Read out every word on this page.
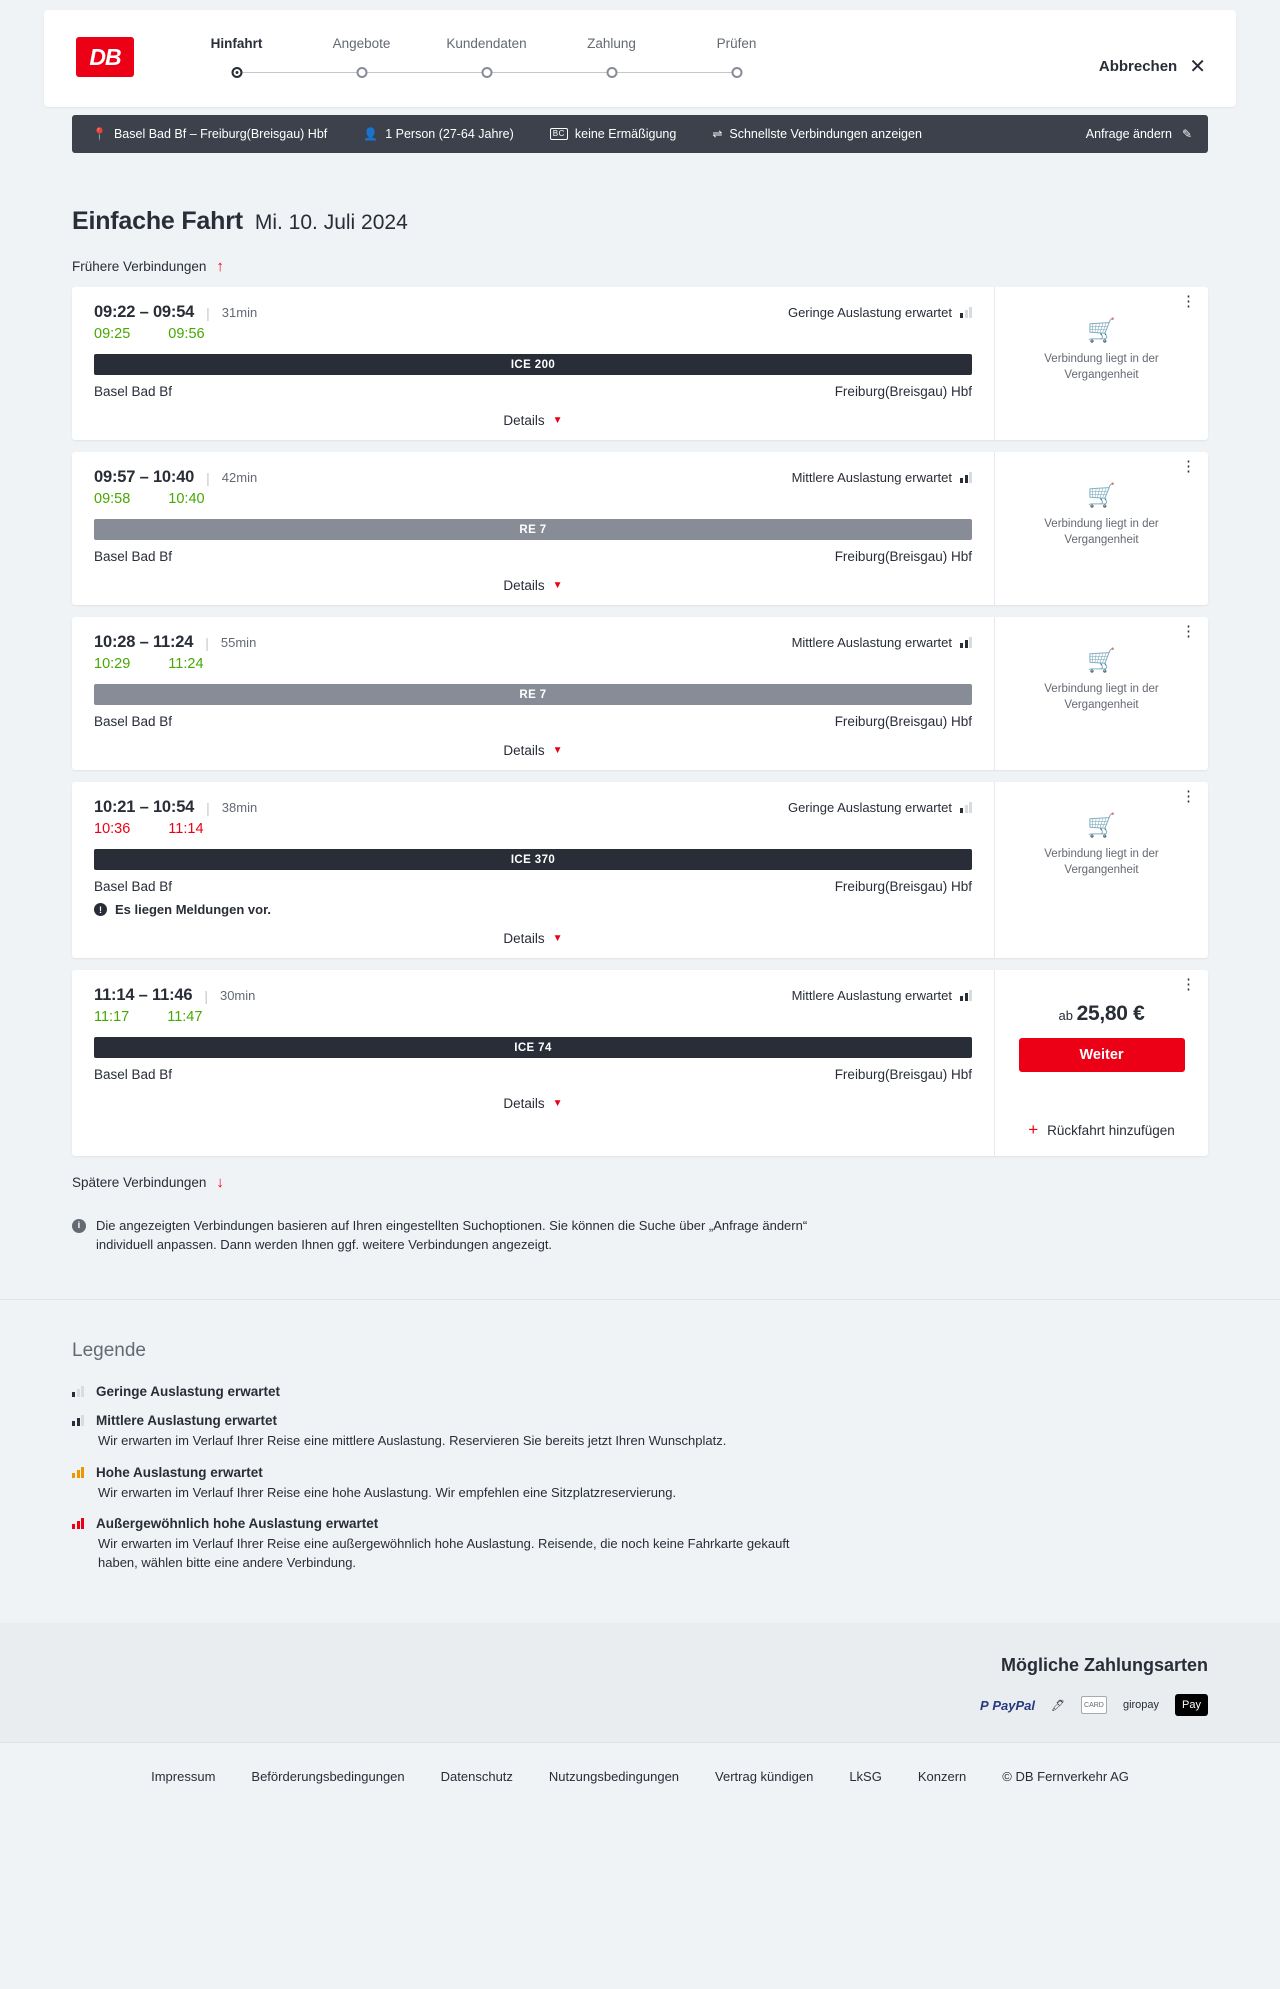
DB	Hinfahrt	Angebote	Kundendaten	Zahlung	Prüfen
Abbrechen ✕
📍 Basel Bad Bf – Freiburg(Breisgau) Hbf	👤 1 Person (27-64 Jahre)	BC keine Ermäßigung	⇌ Schnellste Verbindungen anzeigen	Anfrage ändern ✎
Einfache Fahrt Mi. 10. Juli 2024
Frühere Verbindungen ↑
09:22 – 09:54 | 31min	Geringe Auslastung erwartet
09:25	09:56
ICE 200
Basel Bad Bf	Freiburg(Breisgau) Hbf
Details ▼
⋮
🛒
Verbindung liegt in der Vergangenheit
09:57 – 10:40 | 42min	Mittlere Auslastung erwartet
09:58	10:40
RE 7
Basel Bad Bf	Freiburg(Breisgau) Hbf
Details ▼
⋮
🛒
Verbindung liegt in der Vergangenheit
10:28 – 11:24 | 55min	Mittlere Auslastung erwartet
10:29	11:24
RE 7
Basel Bad Bf	Freiburg(Breisgau) Hbf
Details ▼
⋮
🛒
Verbindung liegt in der Vergangenheit
10:21 – 10:54 | 38min	Geringe Auslastung erwartet
10:36	11:14
ICE 370
Basel Bad Bf	Freiburg(Breisgau) Hbf
!	Es liegen Meldungen vor.
Details ▼
⋮
🛒
Verbindung liegt in der Vergangenheit
11:14 – 11:46 | 30min	Mittlere Auslastung erwartet
11:17	11:47
ICE 74
Basel Bad Bf	Freiburg(Breisgau) Hbf
Details ▼
⋮
ab 25,80 €
Weiter
+ Rückfahrt hinzufügen
Spätere Verbindungen ↓
i	Die angezeigten Verbindungen basieren auf Ihren eingestellten Suchoptionen. Sie können die Suche über „Anfrage ändern“ individuell anpassen. Dann werden Ihnen ggf. weitere Verbindungen angezeigt.
Legende
Geringe Auslastung erwartet
Mittlere Auslastung erwartet
Wir erwarten im Verlauf Ihrer Reise eine mittlere Auslastung. Reservieren Sie bereits jetzt Ihren Wunschplatz.
Hohe Auslastung erwartet
Wir erwarten im Verlauf Ihrer Reise eine hohe Auslastung. Wir empfehlen eine Sitzplatzreservierung.
Außergewöhnlich hohe Auslastung erwartet
Wir erwarten im Verlauf Ihrer Reise eine außergewöhnlich hohe Auslastung. Reisende, die noch keine Fahrkarte gekauft haben, wählen bitte eine andere Verbindung.
Mögliche Zahlungsarten
P PayPal 🖊	CARD giropay	Pay
Impressum	Beförderungsbedingungen	Datenschutz	Nutzungsbedingungen	Vertrag kündigen	LkSG	Konzern	© DB Fernverkehr AG
